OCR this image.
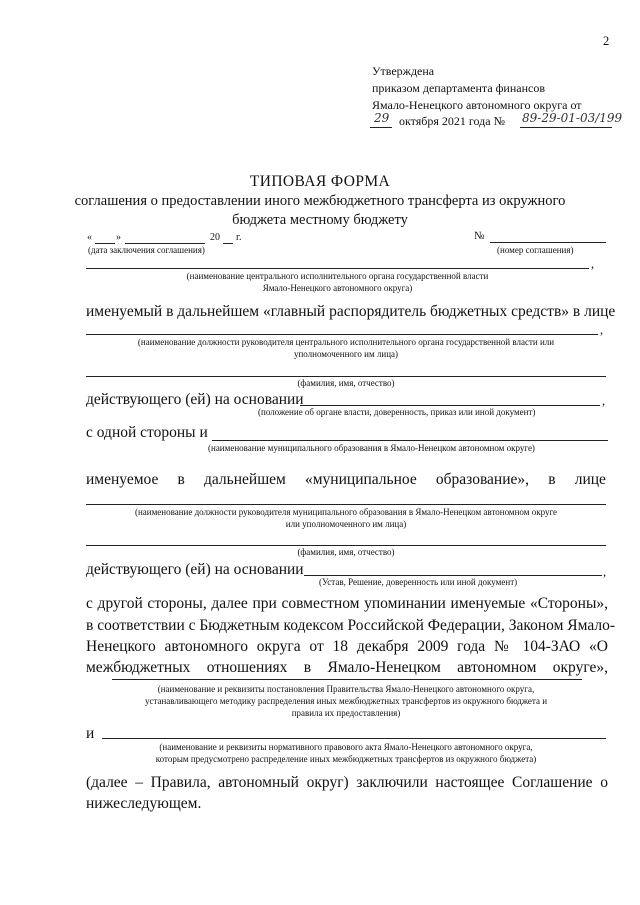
2
Утверждена
приказом департамента финансов
Ямало-Ненецкого автономного округа от
29 октября 2021 года № 89-29-01-03/199
ТИПОВАЯ ФОРМА
соглашения о предоставлении иного межбюджетного трансферта из окружного
бюджета местному бюджету
« »	20 г.
(дата заключения соглашения)
№
(номер соглашения)
,
(наименование центрального исполнительного органа государственной власти
Ямало-Ненецкого автономного округа)
именуемый в дальнейшем «главный распорядитель бюджетных средств» в лице
,
(наименование должности руководителя центрального исполнительного органа государственной власти или
уполномоченного им лица)
(фамилия, имя, отчество)
действующего (ей) на основании	,
(положение об органе власти, доверенность, приказ или иной документ)
с одной стороны и
(наименование муниципального образования в Ямало-Ненецком автономном округе)
именуемое в дальнейшем «муниципальное образование», в лице
(наименование должности руководителя муниципального образования в Ямало-Ненецком автономном округе
или уполномоченного им лица)
(фамилия, имя, отчество)
действующего (ей) на основании	,
(Устав, Решение, доверенность или иной документ)
с другой стороны, далее при совместном упоминании именуемые «Стороны»,
в соответствии с Бюджетным кодексом Российской Федерации, Законом Ямало-
Ненецкого автономного округа от 18 декабря 2009 года № 104-ЗАО «О
межбюджетных отношениях в Ямало-Ненецком автономном округе»,
(наименование и реквизиты постановления Правительства Ямало-Ненецкого автономного округа,
устанавливающего методику распределения иных межбюджетных трансфертов из окружного бюджета и
правила их предоставления)
и
(наименование и реквизиты нормативного правового акта Ямало-Ненецкого автономного округа,
которым предусмотрено распределение иных межбюджетных трансфертов из окружного бюджета)
(далее – Правила, автономный округ) заключили настоящее Соглашение о
нижеследующем.
